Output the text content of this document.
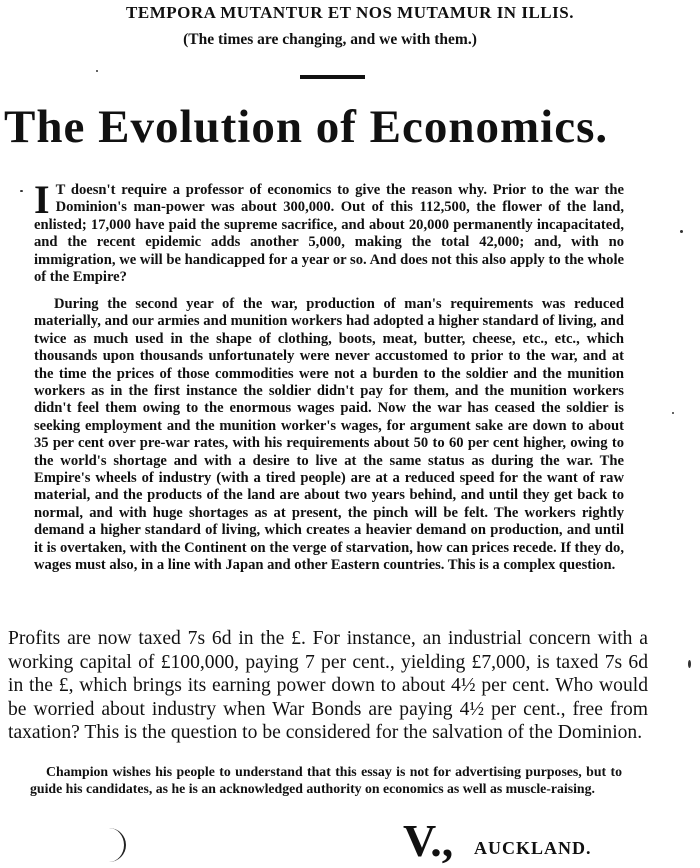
TEMPORA MUTANTUR ET NOS MUTAMUR IN ILLIS.
(The times are changing, and we with them.)
The Evolution of Economics.
I T doesn't require a professor of economics to give the reason why. Prior to the war the Dominion's man-power was about 300,000. Out of this 112,500, the flower of the land, enlisted; 17,000 have paid the supreme sacrifice, and about 20,000 permanently incapacitated, and the recent epidemic adds another 5,000, making the total 42,000; and, with no immigration, we will be handicapped for a year or so. And does not this also apply to the whole of the Empire?
During the second year of the war, production of man's requirements was reduced materially, and our armies and munition workers had adopted a higher standard of living, and twice as much used in the shape of clothing, boots, meat, butter, cheese, etc., etc., which thousands upon thousands unfortunately were never accustomed to prior to the war, and at the time the prices of those commodities were not a burden to the soldier and the munition workers as in the first instance the soldier didn't pay for them, and the munition workers didn't feel them owing to the enormous wages paid. Now the war has ceased the soldier is seeking employment and the munition worker's wages, for argument sake are down to about 35 per cent over pre-war rates, with his requirements about 50 to 60 per cent higher, owing to the world's shortage and with a desire to live at the same status as during the war. The Empire's wheels of industry (with a tired people) are at a reduced speed for the want of raw material, and the products of the land are about two years behind, and until they get back to normal, and with huge shortages as at present, the pinch will be felt. The workers rightly demand a higher standard of living, which creates a heavier demand on production, and until it is overtaken, with the Continent on the verge of starvation, how can prices recede. If they do, wages must also, in a line with Japan and other Eastern countries. This is a complex question.
Profits are now taxed 7s 6d in the £. For instance, an industrial concern with a working capital of £100,000, paying 7 per cent., yielding £7,000, is taxed 7s 6d in the £, which brings its earning power down to about 4½ per cent. Who would be worried about industry when War Bonds are paying 4½ per cent., free from taxation? This is the question to be considered for the salvation of the Dominion.
Champion wishes his people to understand that this essay is not for advertising purposes, but to guide his candidates, as he is an acknowledged authority on economics as well as muscle-raising.
V., AUCKLAND.
